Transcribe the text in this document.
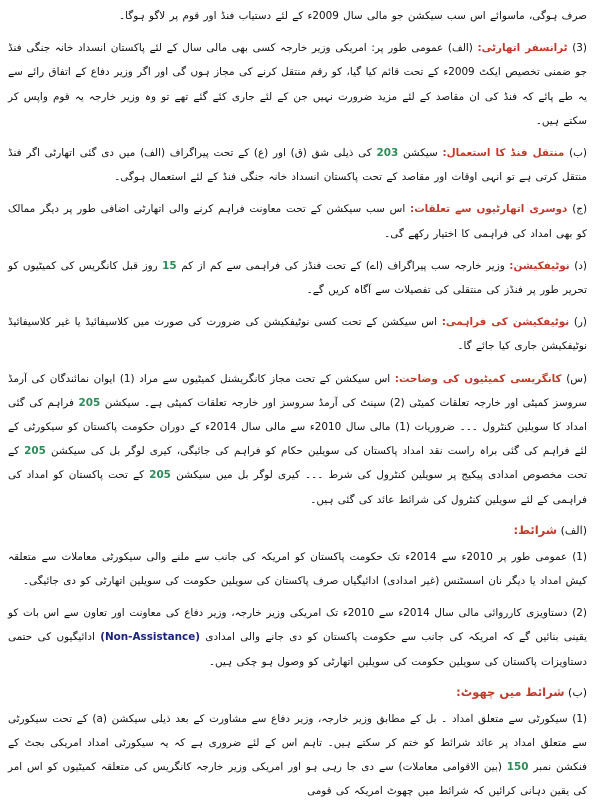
صرف ہوگی، ماسوائے اس سب سیکشن جو مالی سال 2009ء کے لئے دستیاب فنڈ اور قوم پر لاگو ہوگا۔

(3) ٹرانسفر اتھارٹی: (الف) عمومی طور پر: امریکی وزیر خارجہ کسی بھی مالی سال کے لئے پاکستان انسداد خانہ جنگی فنڈ جو ضمنی تخصیص ایکٹ 2009ء کے تحت قائم کیا گیا، کو رقم منتقل کرنے کی مجاز ہوں گی اور اگر وزیر دفاع کے اتفاق رائے سے یہ طے پائے کہ فنڈ کی ان مقاصد کے لئے مزید ضرورت نہیں جن کے لئے جاری کئے گئے تھے تو وہ وزیر خارجہ یہ قوم واپس کر سکتے ہیں۔

(ب) منتقل فنڈ کا استعمال: سیکشن 203 کی ذیلی شق (ق) اور (ع) کے تحت پیراگراف (الف) میں دی گئی اتھارٹی اگر فنڈ منتقل کرتی ہے تو انہی اوقات اور مقاصد کے تحت پاکستان انسداد خانہ جنگی فنڈ کے لئے استعمال ہوگی۔

(ج) دوسری اتھارٹیوں سے تعلقات: اس سب سیکشن کے تحت معاونت فراہم کرنے والی اتھارٹی اضافی طور پر دیگر ممالک کو بھی امداد کی فراہمی کا اختیار رکھے گی۔

(د) نوٹیفکیشن: وزیر خارجہ سب پیراگراف (اے) کے تحت فنڈز کی فراہمی سے کم از کم 15 روز قبل کانگریس کی کمیٹیوں کو تحریر طور پر فنڈز کی منتقلی کی تفصیلات سے آگاہ کریں گے۔

(ر) نوٹیفکیشن کی فراہمی: اس سیکشن کے تحت کسی نوٹیفکیشن کی ضرورت کی صورت میں کلاسیفائیڈ یا غیر کلاسیفائیڈ نوٹیفکیشن جاری کیا جائے گا۔

(س) کانگریسی کمیٹیوں کی وضاحت: اس سیکشن کے تحت مجاز کانگریشنل کمیٹیوں سے مراد (1) ایوان نمائندگان کی آرمڈ سروسز کمیٹی اور خارجہ تعلقات کمیٹی (2) سینٹ کی آرمڈ سروسز اور خارجہ تعلقات کمیٹی ہے۔ سیکشن 205 فراہم کی گئی امداد کا سویلین کنٹرول ۔۔۔ ضروریات (1) مالی سال 2010ء سے مالی سال 2014ء کے دوران حکومت پاکستان کو سیکورٹی کے لئے فراہم کی گئی براہ راست نقد امداد پاکستان کی سویلین حکام کو فراہم کی جائیگی، کیری لوگر بل کی سیکشن 205 کے تحت مخصوص امدادی پیکیج پر سویلین کنٹرول کی شرط ۔۔۔ کیری لوگر بل میں سیکشن 205 کے تحت پاکستان کو امداد کی فراہمی کے لئے سویلین کنٹرول کی شرائط عائد کی گئی ہیں۔

(الف) شرائط:

(1) عمومی طور پر 2010ء سے 2014ء تک حکومت پاکستان کو امریکہ کی جانب سے ملنے والی سیکورٹی معاملات سے متعلقہ کیش امداد یا دیگر نان اسسٹنس (غیر امدادی) ادائیگیاں صرف پاکستان کی سویلین حکومت کی سویلین اتھارٹی کو دی جائیگی۔

(2) دستاویزی کارروائی مالی سال 2014ء سے 2010ء تک امریکی وزیر خارجہ، وزیر دفاع کی معاونت اور تعاون سے اس بات کو یقینی بنائیں گے کہ امریکہ کی جانب سے حکومت پاکستان کو دی جانے والی امدادی (Non-Assistance) ادائیگیوں کی حتمی دستاویزات پاکستان کی سویلین حکومت کی سویلین اتھارٹی کو وصول ہو چکی ہیں۔

(ب) شرائط میں چھوٹ:

(1) سیکورٹی سے متعلق امداد ۔ بل کے مطابق وزیر خارجہ، وزیر دفاع سے مشاورت کے بعد ذیلی سیکشن (a) کے تحت سیکورٹی سے متعلق امداد پر عائد شرائط کو ختم کر سکتے ہیں۔ تاہم اس کے لئے ضروری ہے کہ یہ سیکورٹی امداد امریکی بجٹ کے فنکشن نمبر 150 (بین الاقوامی معاملات) سے دی جا رہی ہو اور امریکی وزیر خارجہ کانگریس کی متعلقہ کمیٹیوں کو اس امر کی یقین دہانی کرائیں کہ شرائط میں چھوٹ امریکہ کی قومی
